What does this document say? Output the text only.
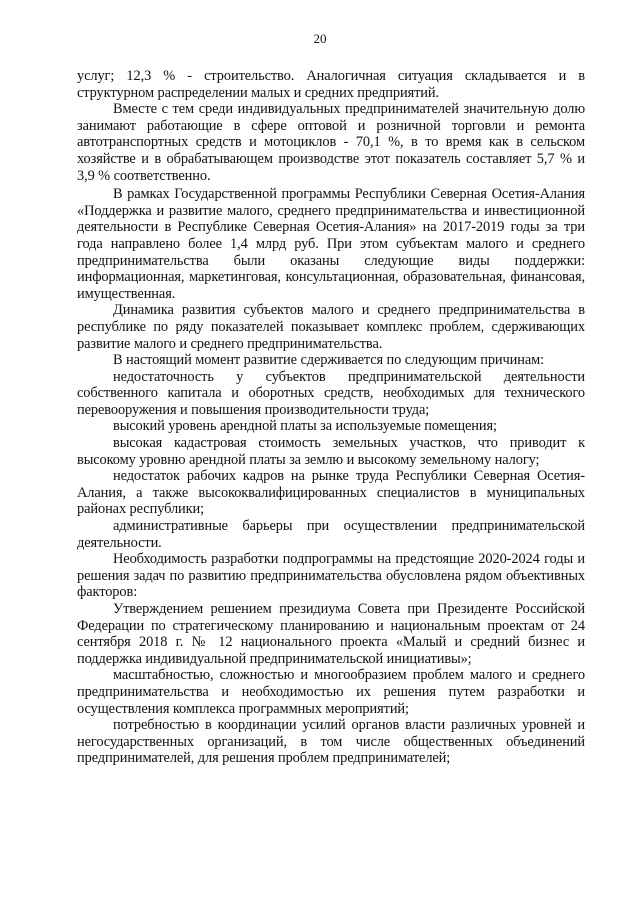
20

услуг; 12,3 % - строительство. Аналогичная ситуация складывается и в структурном распределении малых и средних предприятий.

Вместе с тем среди индивидуальных предпринимателей значительную долю занимают работающие в сфере оптовой и розничной торговли и ремонта автотранспортных средств и мотоциклов - 70,1 %, в то время как в сельском хозяйстве и в обрабатывающем производстве этот показатель составляет 5,7 % и 3,9 % соответственно.

В рамках Государственной программы Республики Северная Осетия-Алания «Поддержка и развитие малого, среднего предпринимательства и инвестиционной деятельности в Республике Северная Осетия-Алания» на 2017-2019 годы за три года направлено более 1,4 млрд руб. При этом субъектам малого и среднего предпринимательства были оказаны следующие виды поддержки: информационная, маркетинговая, консультационная, образовательная, финансовая, имущественная.

Динамика развития субъектов малого и среднего предпринимательства в республике по ряду показателей показывает комплекс проблем, сдерживающих развитие малого и среднего предпринимательства.

В настоящий момент развитие сдерживается по следующим причинам:

недостаточность у субъектов предпринимательской деятельности собственного капитала и оборотных средств, необходимых для технического перевооружения и повышения производительности труда;

высокий уровень арендной платы за используемые помещения;

высокая кадастровая стоимость земельных участков, что приводит к высокому уровню арендной платы за землю и высокому земельному налогу;

недостаток рабочих кадров на рынке труда Республики Северная Осетия-Алания, а также высококвалифицированных специалистов в муниципальных районах республики;

административные барьеры при осуществлении предпринимательской деятельности.

Необходимость разработки подпрограммы на предстоящие 2020-2024 годы и решения задач по развитию предпринимательства обусловлена рядом объективных факторов:

Утверждением решением президиума Совета при Президенте Российской Федерации по стратегическому планированию и национальным проектам от 24 сентября 2018 г. № 12 национального проекта «Малый и средний бизнес и поддержка индивидуальной предпринимательской инициативы»;

масштабностью, сложностью и многообразием проблем малого и среднего предпринимательства и необходимостью их решения путем разработки и осуществления комплекса программных мероприятий;

потребностью в координации усилий органов власти различных уровней и негосударственных организаций, в том числе общественных объединений предпринимателей, для решения проблем предпринимателей;
